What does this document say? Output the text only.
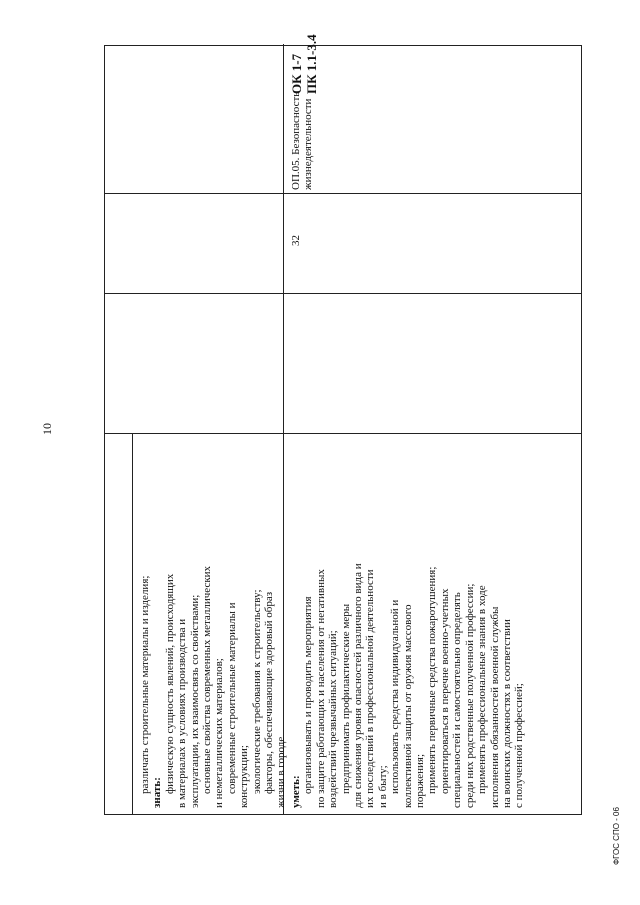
10
различать строительные материалы и изделия; знать: физическую сущность явлений, происходящих в материалах в условиях производства и эксплуатации, их взаимосвязь со свойствами; основные свойства современных металлических и неметаллических материалов; современные строительные материалы и конструкции; экологические требования к строительству; факторы, обеспечивающие здоровый образ жизни в городе уметь: организовывать и проводить мероприятия по защите работающих и населения от негативных воздействий чрезвычайных ситуаций; предпринимать профилактические меры для снижения уровня опасностей различного вида и их последствий в профессиональной деятельности и в быту; использовать средства индивидуальной и коллективной защиты от оружия массового поражения; применять первичные средства пожаротушения; ориентироваться в перечне военно-учетных специальностей и самостоятельно определять среди них родственные полученной профессии; применять профессиональные знания в ходе исполнения обязанностей военной службы на воинских должностях в соответствии с полученной профессией;
32
ОП.05. Безопасность жизнедеятельности
ОК 1-7 ПК 1.1-3.4
ФГОС СПО - 06
